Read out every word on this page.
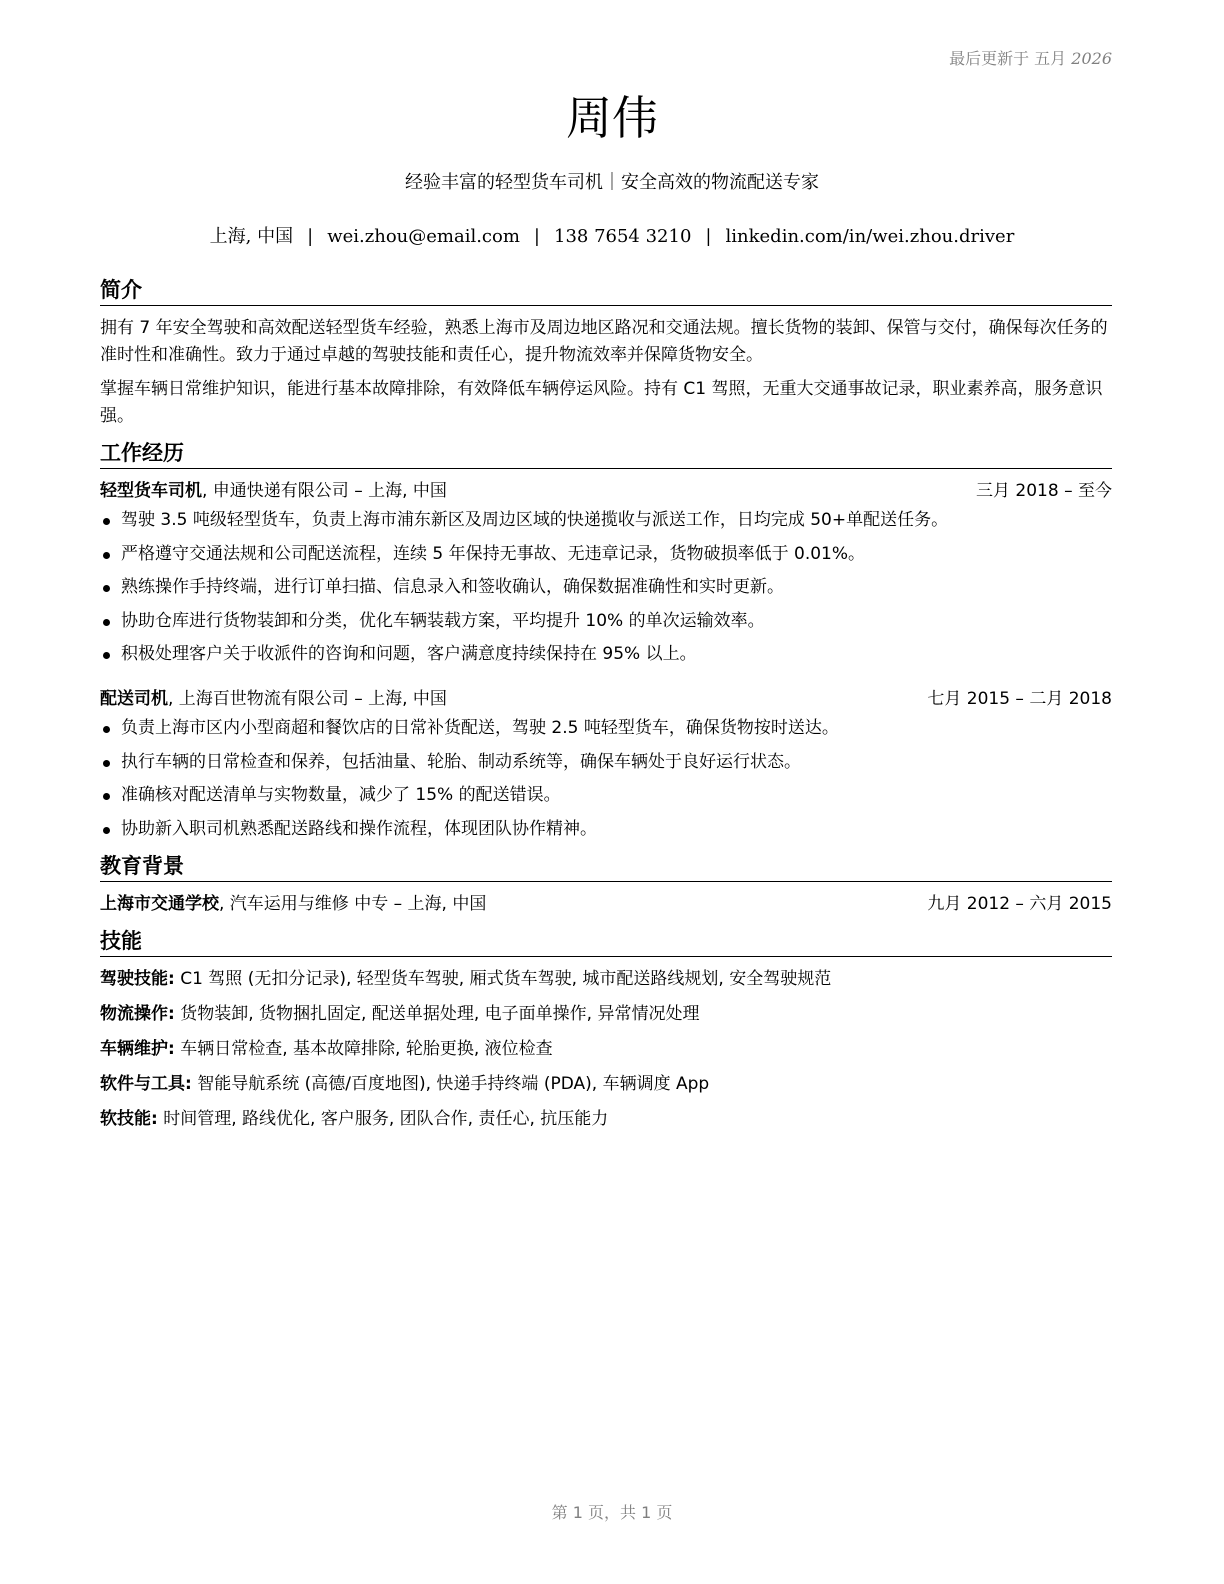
最后更新于 五月 2026
周伟
经验丰富的轻型货车司机｜安全高效的物流配送专家
上海, 中国 | wei.zhou@email.com | 138 7654 3210 | linkedin.com/in/wei.zhou.driver
简介

拥有 7 年安全驾驶和高效配送轻型货车经验，熟悉上海市及周边地区路况和交通法规。擅长货物的装卸、保管与交付，确保每次任务的准时性和准确性。致力于通过卓越的驾驶技能和责任心，提升物流效率并保障货物安全。

掌握车辆日常维护知识，能进行基本故障排除，有效降低车辆停运风险。持有 C1 驾照，无重大交通事故记录，职业素养高，服务意识强。

工作经历
轻型货车司机, 申通快递有限公司 – 上海, 中国	三月 2018 – 至今
驾驶 3.5 吨级轻型货车，负责上海市浦东新区及周边区域的快递揽收与派送工作，日均完成 50+单配送任务。
严格遵守交通法规和公司配送流程，连续 5 年保持无事故、无违章记录，货物破损率低于 0.01%。
熟练操作手持终端，进行订单扫描、信息录入和签收确认，确保数据准确性和实时更新。
协助仓库进行货物装卸和分类，优化车辆装载方案，平均提升 10% 的单次运输效率。
积极处理客户关于收派件的咨询和问题，客户满意度持续保持在 95% 以上。
配送司机, 上海百世物流有限公司 – 上海, 中国	七月 2015 – 二月 2018
负责上海市区内小型商超和餐饮店的日常补货配送，驾驶 2.5 吨轻型货车，确保货物按时送达。
执行车辆的日常检查和保养，包括油量、轮胎、制动系统等，确保车辆处于良好运行状态。
准确核对配送清单与实物数量，减少了 15% 的配送错误。
协助新入职司机熟悉配送路线和操作流程，体现团队协作精神。
教育背景
上海市交通学校, 汽车运用与维修 中专 – 上海, 中国	九月 2012 – 六月 2015
技能
驾驶技能: C1 驾照 (无扣分记录), 轻型货车驾驶, 厢式货车驾驶, 城市配送路线规划, 安全驾驶规范
物流操作: 货物装卸, 货物捆扎固定, 配送单据处理, 电子面单操作, 异常情况处理
车辆维护: 车辆日常检查, 基本故障排除, 轮胎更换, 液位检查
软件与工具: 智能导航系统 (高德/百度地图), 快递手持终端 (PDA), 车辆调度 App
软技能: 时间管理, 路线优化, 客户服务, 团队合作, 责任心, 抗压能力
第 1 页，共 1 页
